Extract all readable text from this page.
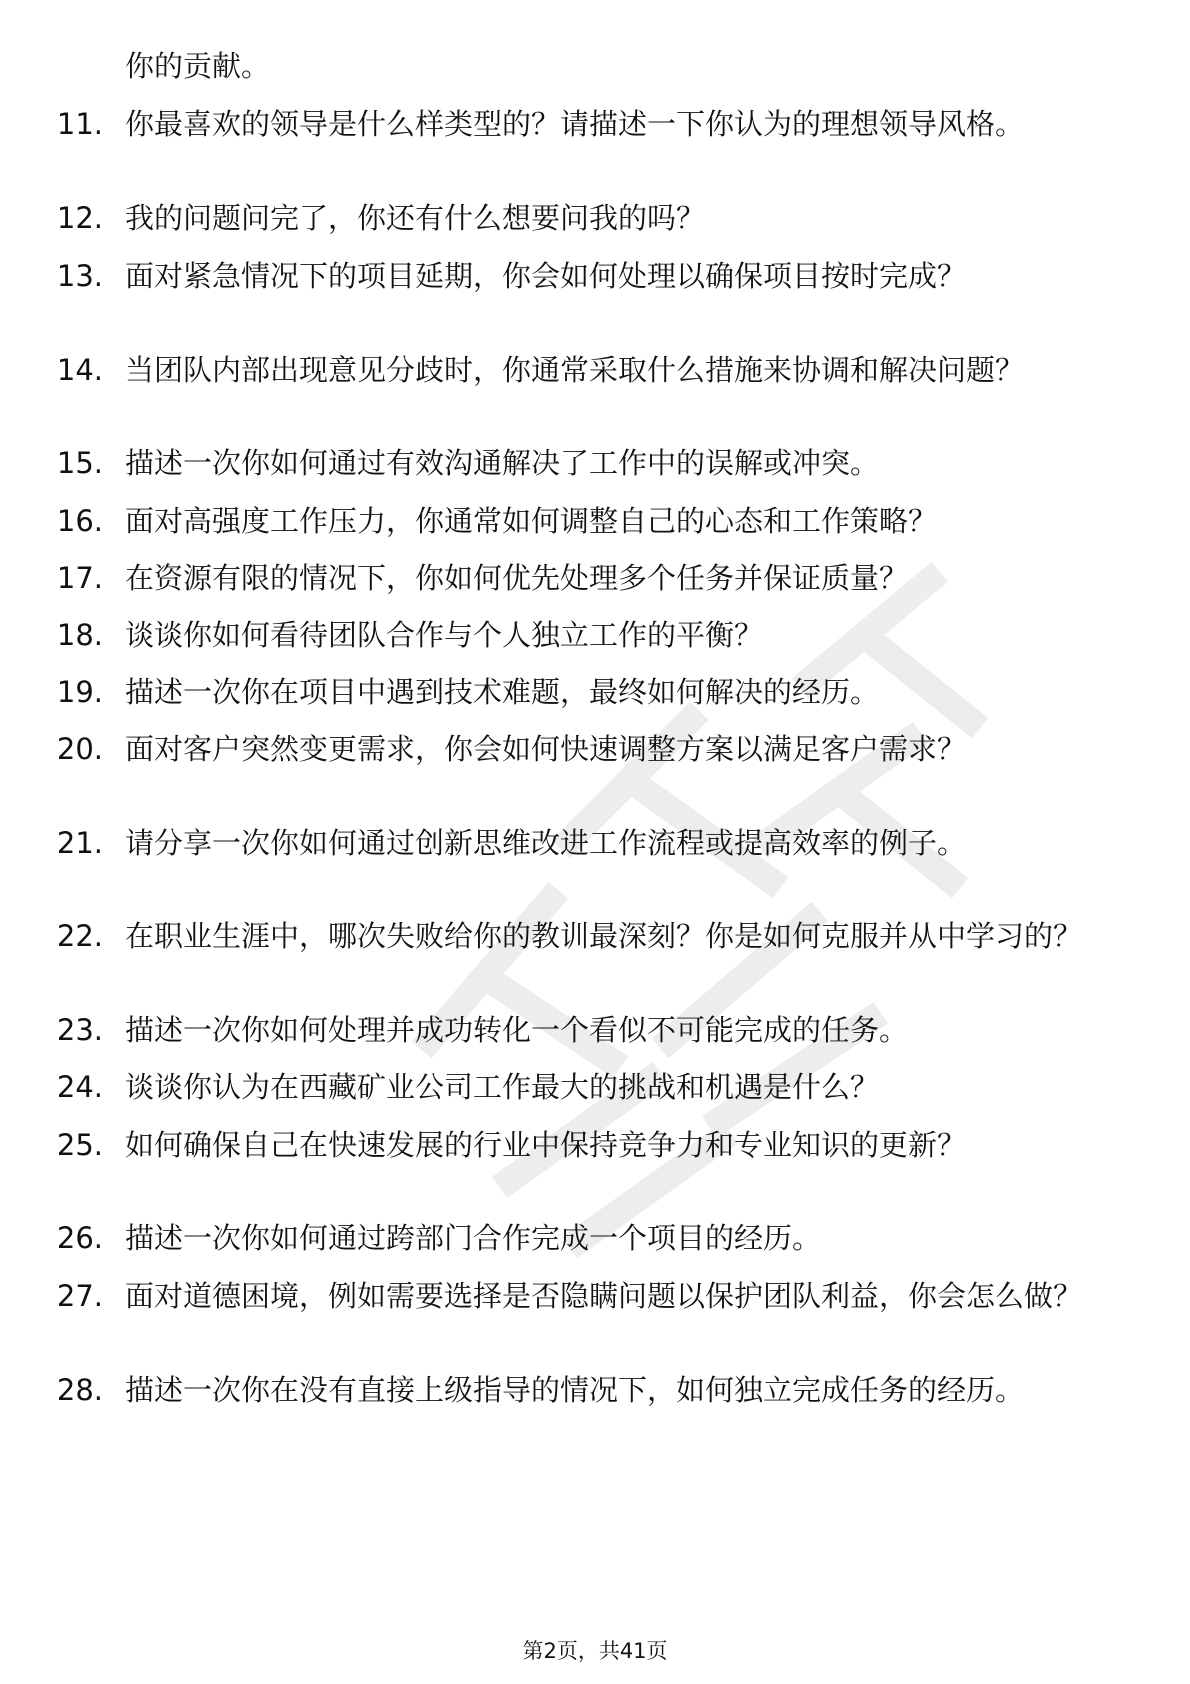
你的贡献。
11. 你最喜欢的领导是什么样类型的？请描述一下你认为的理想领导风格。
12. 我的问题问完了，你还有什么想要问我的吗？
13. 面对紧急情况下的项目延期，你会如何处理以确保项目按时完成？
14. 当团队内部出现意见分歧时，你通常采取什么措施来协调和解决问题？
15. 描述一次你如何通过有效沟通解决了工作中的误解或冲突。
16. 面对高强度工作压力，你通常如何调整自己的心态和工作策略？
17. 在资源有限的情况下，你如何优先处理多个任务并保证质量？
18. 谈谈你如何看待团队合作与个人独立工作的平衡？
19. 描述一次你在项目中遇到技术难题，最终如何解决的经历。
20. 面对客户突然变更需求，你会如何快速调整方案以满足客户需求？
21. 请分享一次你如何通过创新思维改进工作流程或提高效率的例子。
22. 在职业生涯中，哪次失败给你的教训最深刻？你是如何克服并从中学习的？
23. 描述一次你如何处理并成功转化一个看似不可能完成的任务。
24. 谈谈你认为在西藏矿业公司工作最大的挑战和机遇是什么？
25. 如何确保自己在快速发展的行业中保持竞争力和专业知识的更新？
26. 描述一次你如何通过跨部门合作完成一个项目的经历。
27. 面对道德困境，例如需要选择是否隐瞒问题以保护团队利益，你会怎么做？
28. 描述一次你在没有直接上级指导的情况下，如何独立完成任务的经历。
第2页，共41页
